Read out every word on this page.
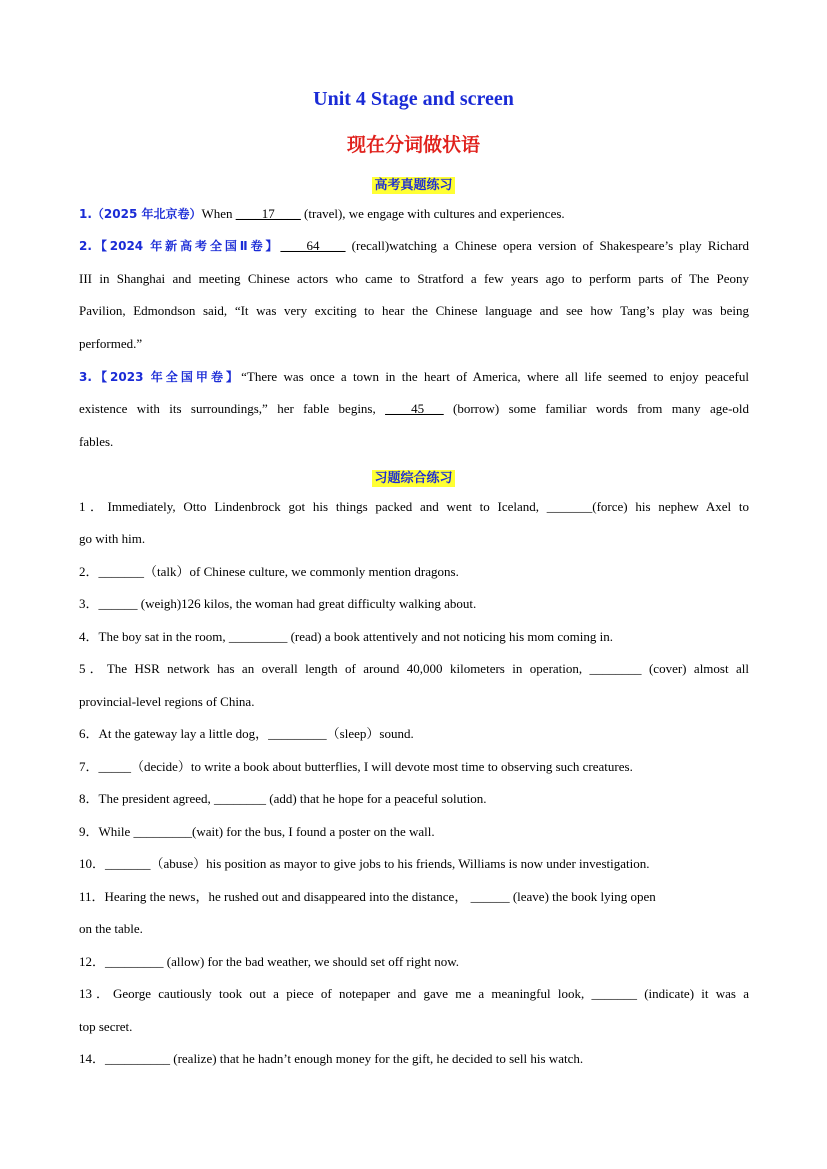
Unit 4 Stage and screen
现在分词做状语
高考真题练习
1.（2025 年北京卷）When ____17____ (travel), we engage with cultures and experiences.
2.【2024 年新高考全国Ⅱ卷】____64____ (recall)watching a Chinese opera version of Shakespeare’s play Richard
III in Shanghai and meeting Chinese actors who came to Stratford a few years ago to perform parts of The Peony
Pavilion, Edmondson said, “It was very exciting to hear the Chinese language and see how Tang’s play was being
performed.”
3.【2023 年全国甲卷】“There was once a town in the heart of America, where all life seemed to enjoy peaceful
existence with its surroundings,” her fable begins, ____45___ (borrow) some familiar words from many age-old
fables.
习题综合练习
1．Immediately, Otto Lindenbrock got his things packed and went to Iceland, _______(force) his nephew Axel to
go with him.
2．_______（talk）of Chinese culture, we commonly mention dragons.
3．______ (weigh)126 kilos, the woman had great difficulty walking about.
4．The boy sat in the room, _________ (read) a book attentively and not noticing his mom coming in.
5．The HSR network has an overall length of around 40,000 kilometers in operation, ________ (cover) almost all
provincial-level regions of China.
6．At the gateway lay a little dog，_________（sleep）sound.
7．_____（decide）to write a book about butterflies, I will devote most time to observing such creatures.
8．The president agreed, ________ (add) that he hope for a peaceful solution.
9．While _________(wait) for the bus, I found a poster on the wall.
10．_______（abuse）his position as mayor to give jobs to his friends, Williams is now under investigation.
11．Hearing the news，he rushed out and disappeared into the distance， ______ (leave) the book lying open
on the table.
12．_________ (allow) for the bad weather, we should set off right now.
13．George cautiously took out a piece of notepaper and gave me a meaningful look, _______ (indicate) it was a
top secret.
14．__________ (realize) that he hadn’t enough money for the gift, he decided to sell his watch.
